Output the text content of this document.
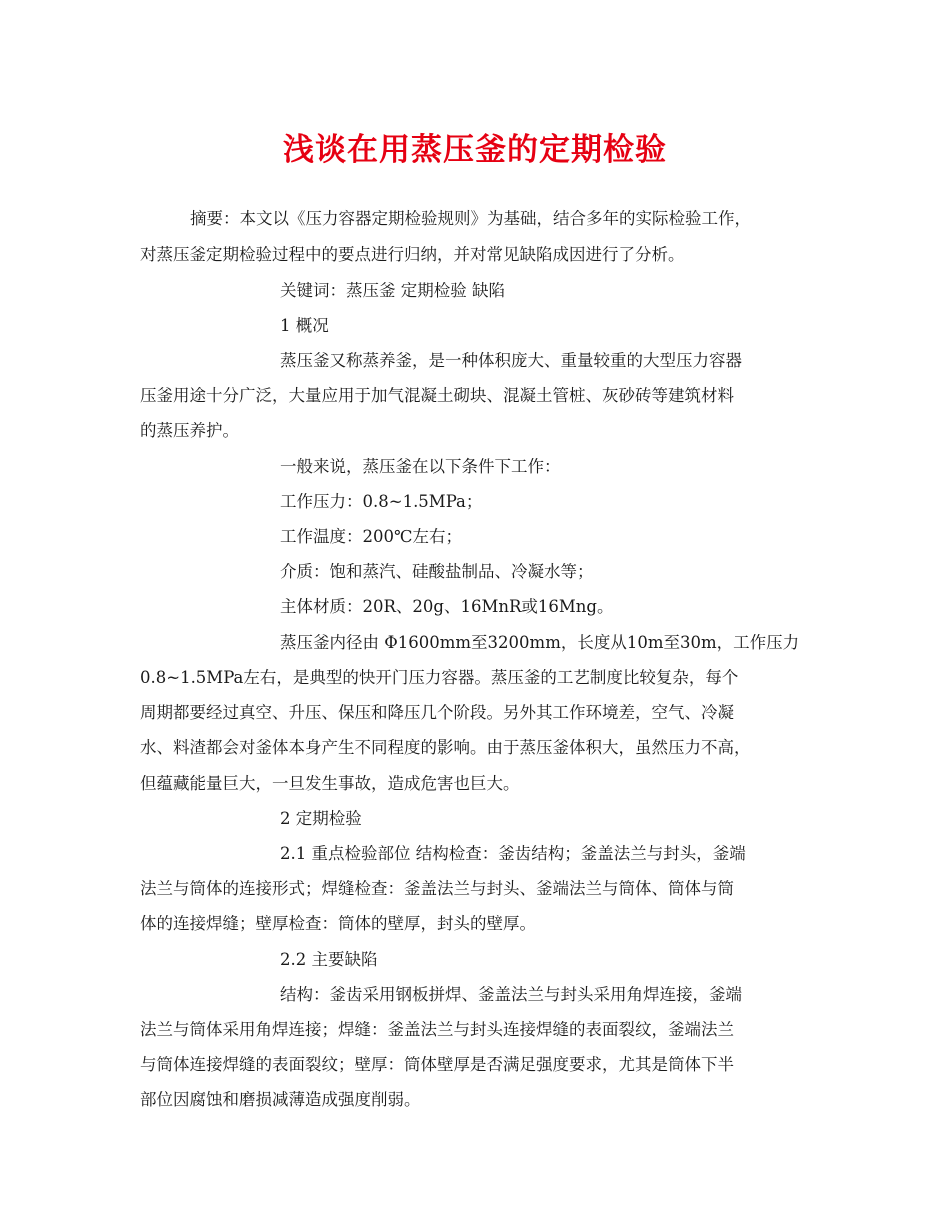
浅谈在用蒸压釜的定期检验
摘要：本文以《压力容器定期检验规则》为基础，结合多年的实际检验工作，
对蒸压釜定期检验过程中的要点进行归纳，并对常见缺陷成因进行了分析。
关键词：蒸压釜 定期检验 缺陷
1 概况
蒸压釜又称蒸养釜，是一种体积庞大、重量较重的大型压力容器
压釜用途十分广泛，大量应用于加气混凝土砌块、混凝土管桩、灰砂砖等建筑材料
的蒸压养护。
一般来说，蒸压釜在以下条件下工作：
工作压力：0.8~1.5MPa；
工作温度：200℃左右；
介质：饱和蒸汽、硅酸盐制品、冷凝水等；
主体材质：20R、20g、16MnR或16Mng。
蒸压釜内径由 Φ1600mm至3200mm，长度从10m至30m，工作压力
0.8~1.5MPa左右，是典型的快开门压力容器。蒸压釜的工艺制度比较复杂，每个
周期都要经过真空、升压、保压和降压几个阶段。另外其工作环境差，空气、冷凝
水、料渣都会对釜体本身产生不同程度的影响。由于蒸压釜体积大，虽然压力不高，
但蕴藏能量巨大，一旦发生事故，造成危害也巨大。
2 定期检验
2.1 重点检验部位 结构检查：釜齿结构；釜盖法兰与封头，釜端
法兰与筒体的连接形式；焊缝检查：釜盖法兰与封头、釜端法兰与筒体、筒体与筒
体的连接焊缝；壁厚检查：筒体的壁厚，封头的壁厚。
2.2 主要缺陷
结构：釜齿采用钢板拼焊、釜盖法兰与封头采用角焊连接，釜端
法兰与筒体采用角焊连接；焊缝：釜盖法兰与封头连接焊缝的表面裂纹，釜端法兰
与筒体连接焊缝的表面裂纹；壁厚：筒体壁厚是否满足强度要求，尤其是筒体下半
部位因腐蚀和磨损减薄造成强度削弱。
